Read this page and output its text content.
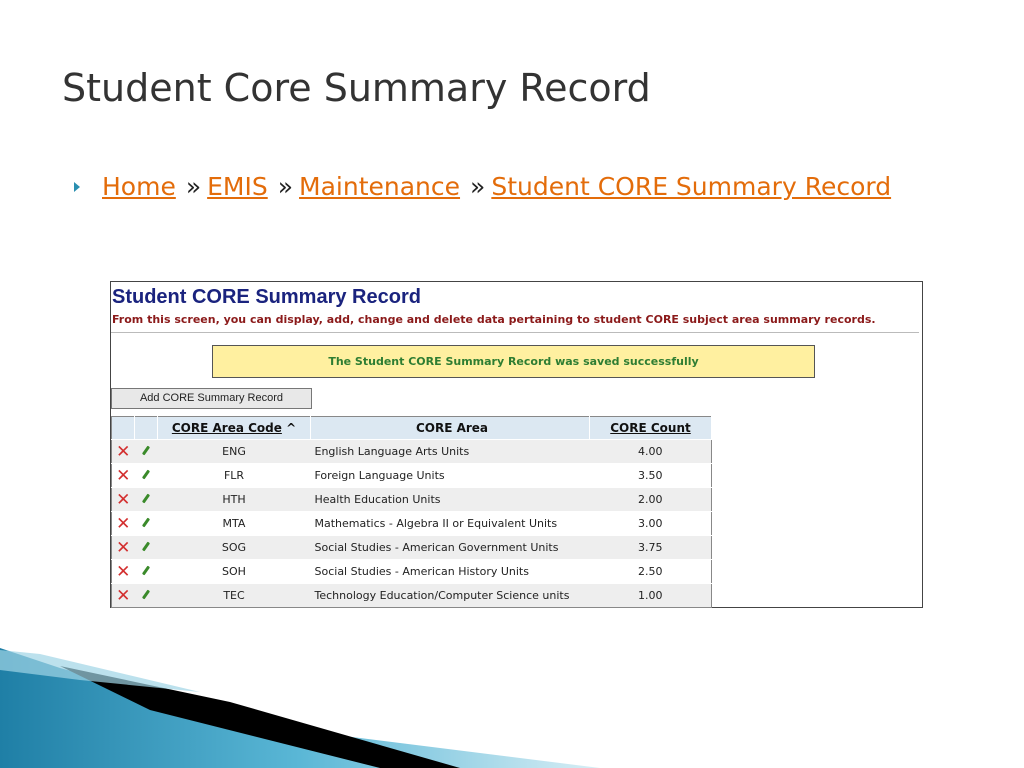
Student Core Summary Record
Home » EMIS » Maintenance » Student CORE Summary Record
Student CORE Summary Record
From this screen, you can display, add, change and delete data pertaining to student CORE subject area summary records.
The Student CORE Summary Record was saved successfully
Add CORE Summary Record
		CORE Area Code ^	CORE Area	CORE Count
✕		ENG	English Language Arts Units	4.00
✕		FLR	Foreign Language Units	3.50
✕		HTH	Health Education Units	2.00
✕		MTA	Mathematics - Algebra II or Equivalent Units	3.00
✕		SOG	Social Studies - American Government Units	3.75
✕		SOH	Social Studies - American History Units	2.50
✕		TEC	Technology Education/Computer Science units	1.00
